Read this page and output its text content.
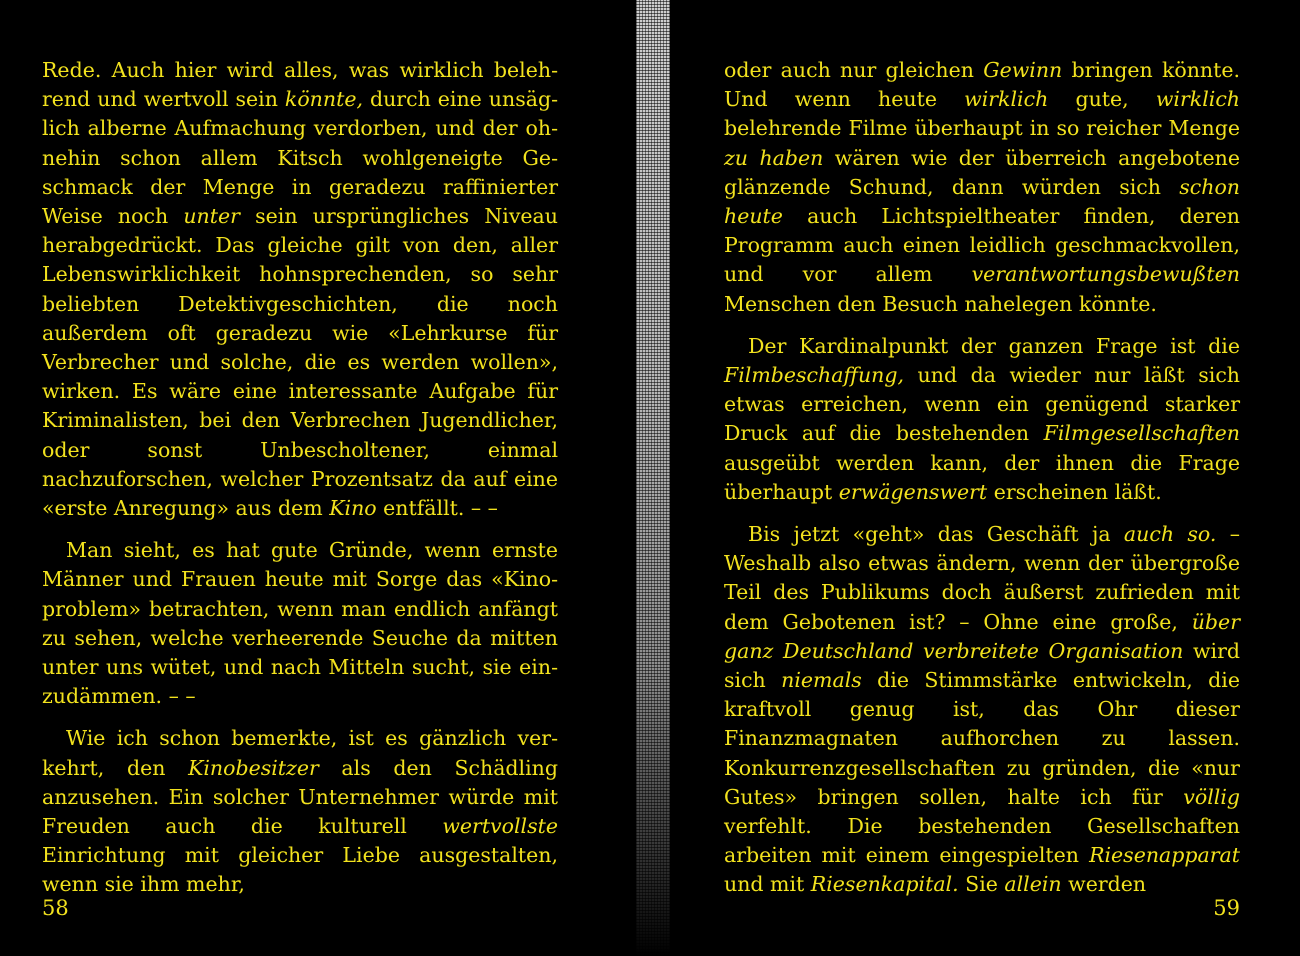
Rede. Auch hier wird alles, was wirklich belehrend und wertvoll sein könnte, durch eine unsäglich alberne Aufmachung verdorben, und der ohnehin schon allem Kitsch wohlgeneigte Geschmack der Menge in geradezu raffinierter Weise noch unter sein ursprüngliches Niveau herabgedrückt. Das gleiche gilt von den, aller Lebenswirklichkeit hohnsprechenden, so sehr beliebten Detektivgeschichten, die noch außerdem oft geradezu wie «Lehrkurse für Verbrecher und solche, die es werden wollen», wirken. Es wäre eine interessante Aufgabe für Kriminalisten, bei den Verbrechen Jugendlicher, oder sonst Unbescholtener, einmal nachzuforschen, welcher Prozentsatz da auf eine «erste Anregung» aus dem Kino entfällt. – –

Man sieht, es hat gute Gründe, wenn ernste Männer und Frauen heute mit Sorge das «Kinoproblem» betrachten, wenn man endlich anfängt zu sehen, welche verheerende Seuche da mitten unter uns wütet, und nach Mitteln sucht, sie einzudämmen. – –

Wie ich schon bemerkte, ist es gänzlich verkehrt, den Kinobesitzer als den Schädling anzusehen. Ein solcher Unternehmer würde mit Freuden auch die kulturell wertvollste Einrichtung mit gleicher Liebe ausgestalten, wenn sie ihm mehr,

58

oder auch nur gleichen Gewinn bringen könnte. Und wenn heute wirklich gute, wirklich belehrende Filme überhaupt in so reicher Menge zu haben wären wie der überreich angebotene glänzende Schund, dann würden sich schon heute auch Lichtspieltheater finden, deren Programm auch einen leidlich geschmackvollen, und vor allem verantwortungsbewußten Menschen den Besuch nahelegen könnte.

Der Kardinalpunkt der ganzen Frage ist die Filmbeschaffung, und da wieder nur läßt sich etwas erreichen, wenn ein genügend starker Druck auf die bestehenden Filmgesellschaften ausgeübt werden kann, der ihnen die Frage überhaupt erwägenswert erscheinen läßt.

Bis jetzt «geht» das Geschäft ja auch so. – Weshalb also etwas ändern, wenn der übergroße Teil des Publikums doch äußerst zufrieden mit dem Gebotenen ist? – Ohne eine große, über ganz Deutschland verbreitete Organisation wird sich niemals die Stimmstärke entwickeln, die kraftvoll genug ist, das Ohr dieser Finanzmagnaten aufhorchen zu lassen. Konkurrenzgesellschaften zu gründen, die «nur Gutes» bringen sollen, halte ich für völlig verfehlt. Die bestehenden Gesellschaften arbeiten mit einem eingespielten Riesenapparat und mit Riesenkapital. Sie allein werden

59
